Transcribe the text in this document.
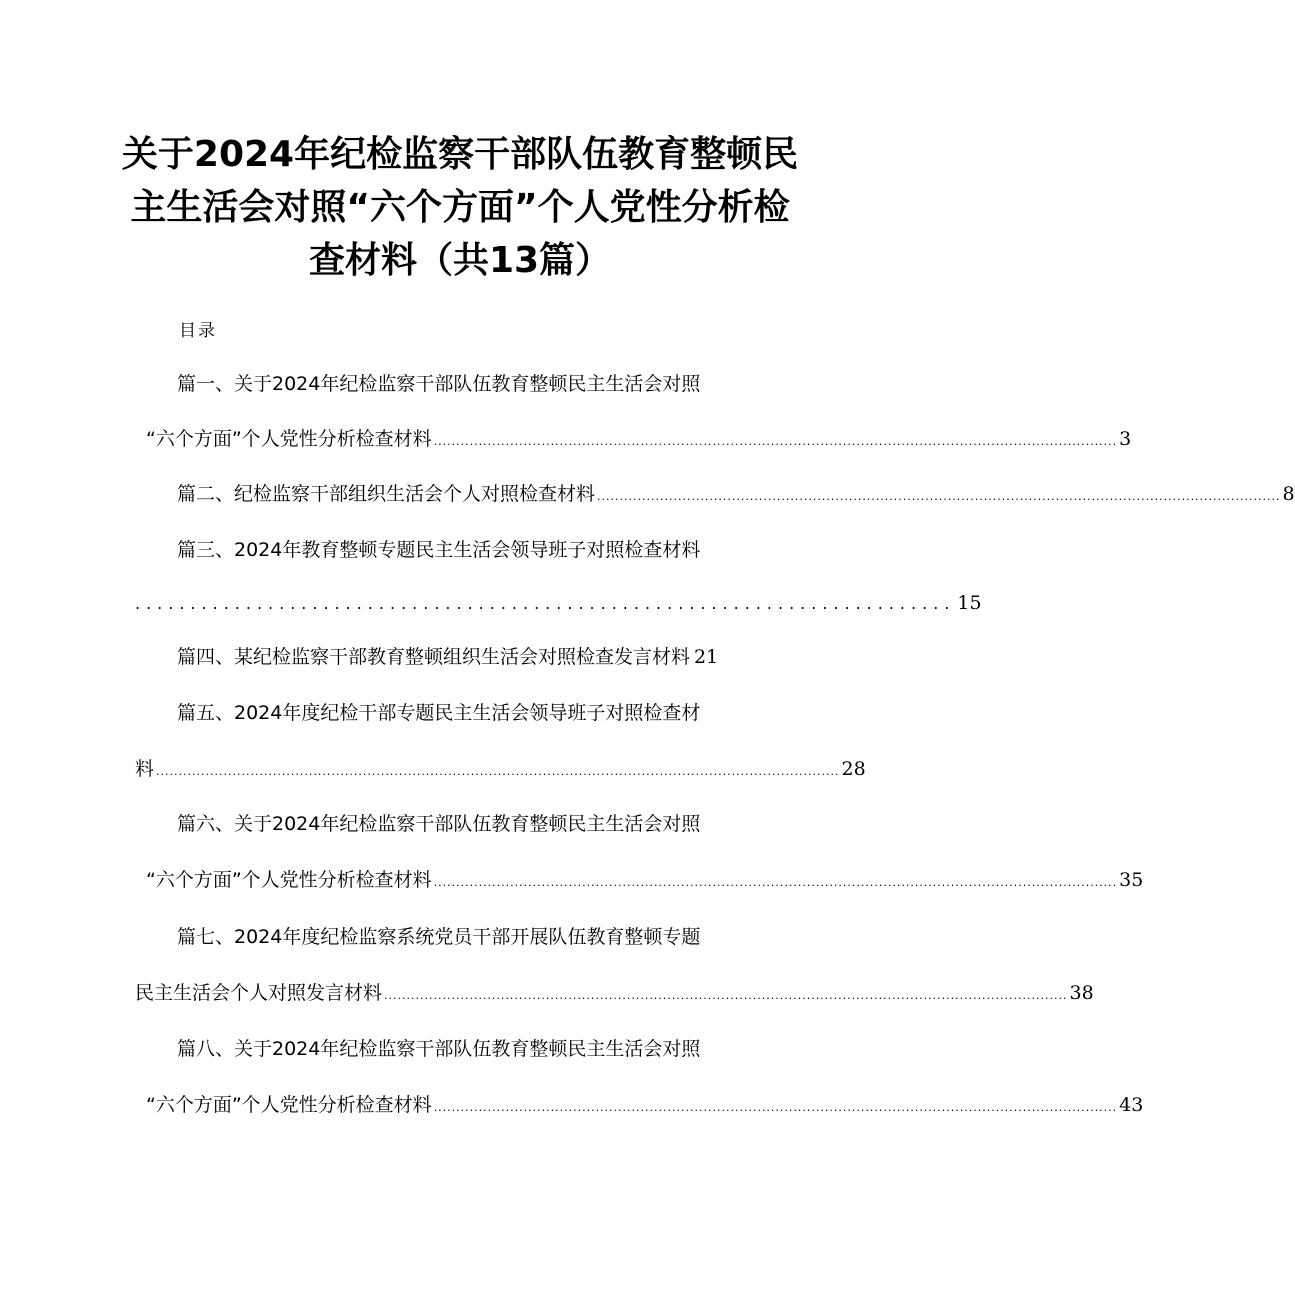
关于2024年纪检监察干部队伍教育整顿民
主生活会对照“六个方面”个人党性分析检
查材料（共13篇）
目录
篇一、关于2024年纪检监察干部队伍教育整顿民主生活会对照
“六个方面”个人党性分析检查材料 ........................................................................................................................................................ 3
篇二、纪检监察干部组织生活会个人对照检查材料 ........................................................................................................................................................ 8
篇三、2024年教育整顿专题民主生活会领导班子对照检查材料
.......................................................................... 15
篇四、某纪检监察干部教育整顿组织生活会对照检查发言材料 21
篇五、2024年度纪检干部专题民主生活会领导班子对照检查材
料 ........................................................................................................................................................ 28
篇六、关于2024年纪检监察干部队伍教育整顿民主生活会对照
“六个方面”个人党性分析检查材料 ........................................................................................................................................................ 35
篇七、2024年度纪检监察系统党员干部开展队伍教育整顿专题
民主生活会个人对照发言材料 ........................................................................................................................................................ 38
篇八、关于2024年纪检监察干部队伍教育整顿民主生活会对照
“六个方面”个人党性分析检查材料 ........................................................................................................................................................ 43
